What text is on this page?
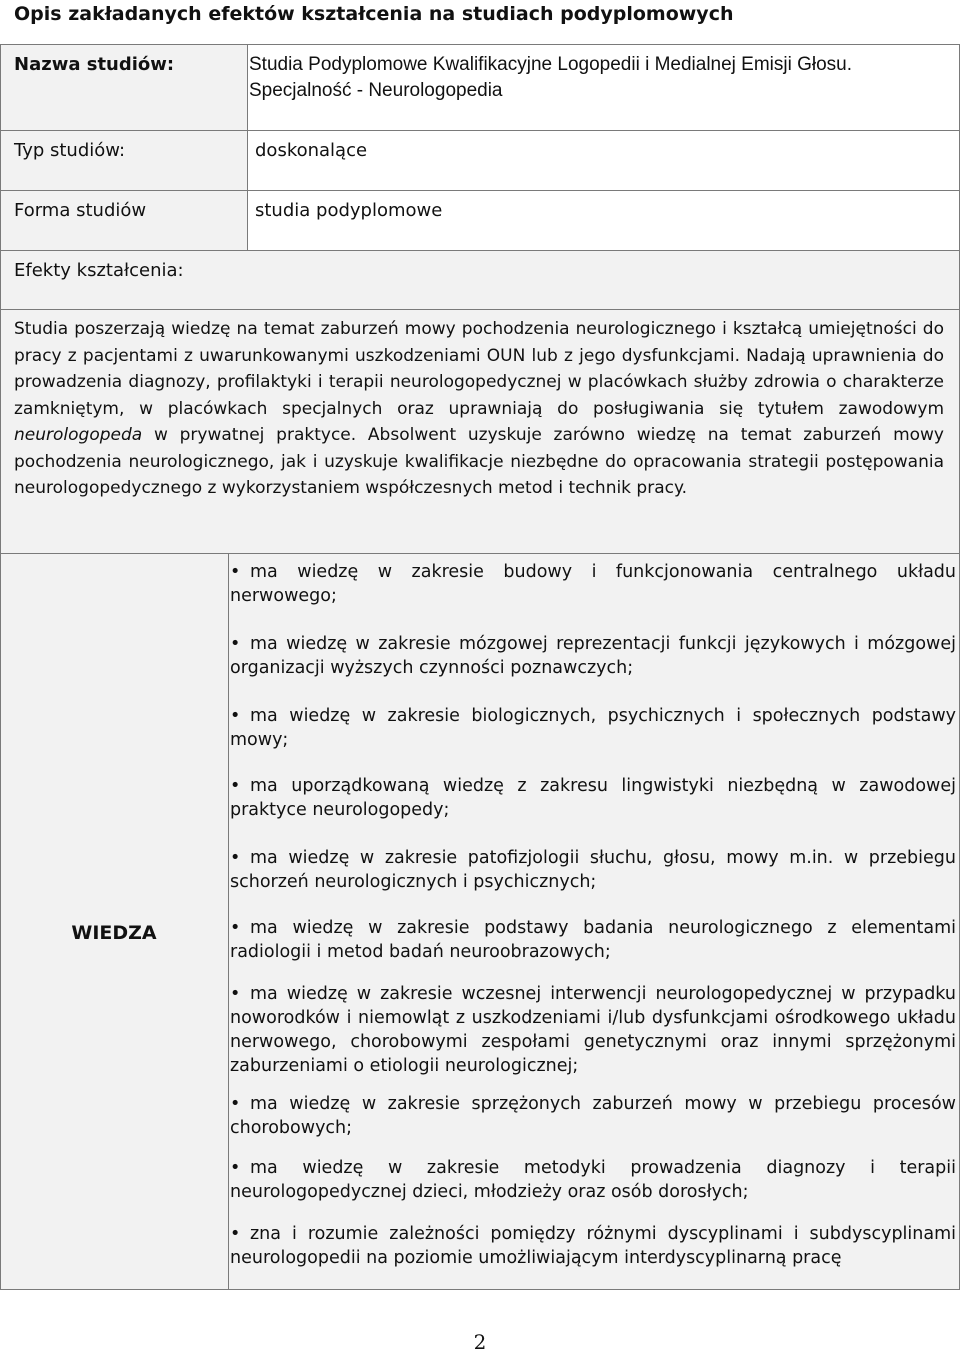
Opis zakładanych efektów kształcenia na studiach podyplomowych
Nazwa studiów:	Studia Podyplomowe Kwalifikacyjne Logopedii i Medialnej Emisji Głosu. Specjalność - Neurologopedia
Typ studiów:	doskonalące
Forma studiów	studia podyplomowe
Efekty kształcenia:

Studia poszerzają wiedzę na temat zaburzeń mowy pochodzenia neurologicznego i kształcą umiejętności do pracy z pacjentami z uwarunkowanymi uszkodzeniami OUN lub z jego dysfunkcjami. Nadają uprawnienia do prowadzenia diagnozy, profilaktyki i terapii neurologopedycznej w placówkach służby zdrowia o charakterze zamkniętym, w placówkach specjalnych oraz uprawniają do posługiwania się tytułem zawodowym neurologopeda w prywatnej praktyce. Absolwent uzyskuje zarówno wiedzę na temat zaburzeń mowy pochodzenia neurologicznego, jak i uzyskuje kwalifikacje niezbędne do opracowania strategii postępowania neurologopedycznego z wykorzystaniem współczesnych metod i technik pracy.

WIEDZA
• ma wiedzę w zakresie budowy i funkcjonowania centralnego układu nerwowego;
• ma wiedzę w zakresie mózgowej reprezentacji funkcji językowych i mózgowej organizacji wyższych czynności poznawczych;
• ma wiedzę w zakresie biologicznych, psychicznych i społecznych podstawy mowy;
• ma uporządkowaną wiedzę z zakresu lingwistyki niezbędną w zawodowej praktyce neurologopedy;
• ma wiedzę w zakresie patofizjologii słuchu, głosu, mowy m.in. w przebiegu schorzeń neurologicznych i psychicznych;
• ma wiedzę w zakresie podstawy badania neurologicznego z elementami radiologii i metod badań neuroobrazowych;
• ma wiedzę w zakresie wczesnej interwencji neurologopedycznej w przypadku noworodków i niemowląt z uszkodzeniami i/lub dysfunkcjami ośrodkowego układu nerwowego, chorobowymi zespołami genetycznymi oraz innymi sprzężonymi zaburzeniami o etiologii neurologicznej;
• ma wiedzę w zakresie sprzężonych zaburzeń mowy w przebiegu procesów chorobowych;
• ma wiedzę w zakresie metodyki prowadzenia diagnozy i terapii neurologopedycznej dzieci, młodzieży oraz osób dorosłych;
• zna i rozumie zależności pomiędzy różnymi dyscyplinami i subdyscyplinami neurologopedii na poziomie umożliwiającym interdyscyplinarną pracę
2
